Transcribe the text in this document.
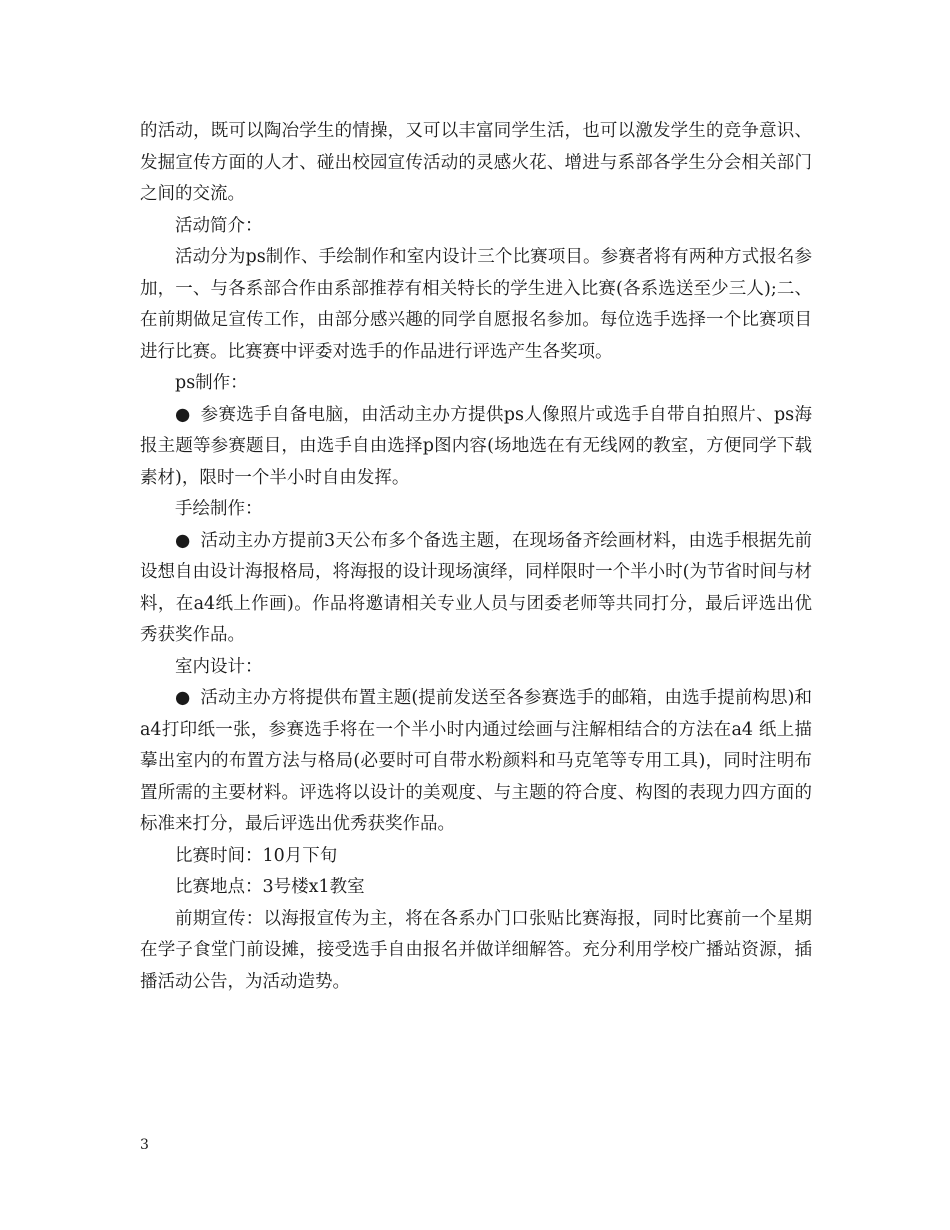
的活动，既可以陶冶学生的情操，又可以丰富同学生活，也可以激发学生的竞争意识、发掘宣传方面的人才、碰出校园宣传活动的灵感火花、增进与系部各学生分会相关部门之间的交流。

活动简介：

活动分为ps制作、手绘制作和室内设计三个比赛项目。参赛者将有两种方式报名参加，一、与各系部合作由系部推荐有相关特长的学生进入比赛(各系选送至少三人);二、在前期做足宣传工作，由部分感兴趣的同学自愿报名参加。每位选手选择一个比赛项目进行比赛。比赛赛中评委对选手的作品进行评选产生各奖项。

ps制作：

● 参赛选手自备电脑，由活动主办方提供ps人像照片或选手自带自拍照片、ps海报主题等参赛题目，由选手自由选择p图内容(场地选在有无线网的教室，方便同学下载素材)，限时一个半小时自由发挥。

手绘制作：

● 活动主办方提前3天公布多个备选主题，在现场备齐绘画材料，由选手根据先前设想自由设计海报格局，将海报的设计现场演绎，同样限时一个半小时(为节省时间与材料，在a4纸上作画)。作品将邀请相关专业人员与团委老师等共同打分，最后评选出优秀获奖作品。

室内设计：

● 活动主办方将提供布置主题(提前发送至各参赛选手的邮箱，由选手提前构思)和a4打印纸一张，参赛选手将在一个半小时内通过绘画与注解相结合的方法在a4 纸上描摹出室内的布置方法与格局(必要时可自带水粉颜料和马克笔等专用工具)，同时注明布置所需的主要材料。评选将以设计的美观度、与主题的符合度、构图的表现力四方面的标准来打分，最后评选出优秀获奖作品。

比赛时间：10月下旬

比赛地点：3号楼x1教室

前期宣传：以海报宣传为主，将在各系办门口张贴比赛海报，同时比赛前一个星期在学子食堂门前设摊，接受选手自由报名并做详细解答。充分利用学校广播站资源，插播活动公告，为活动造势。

3
